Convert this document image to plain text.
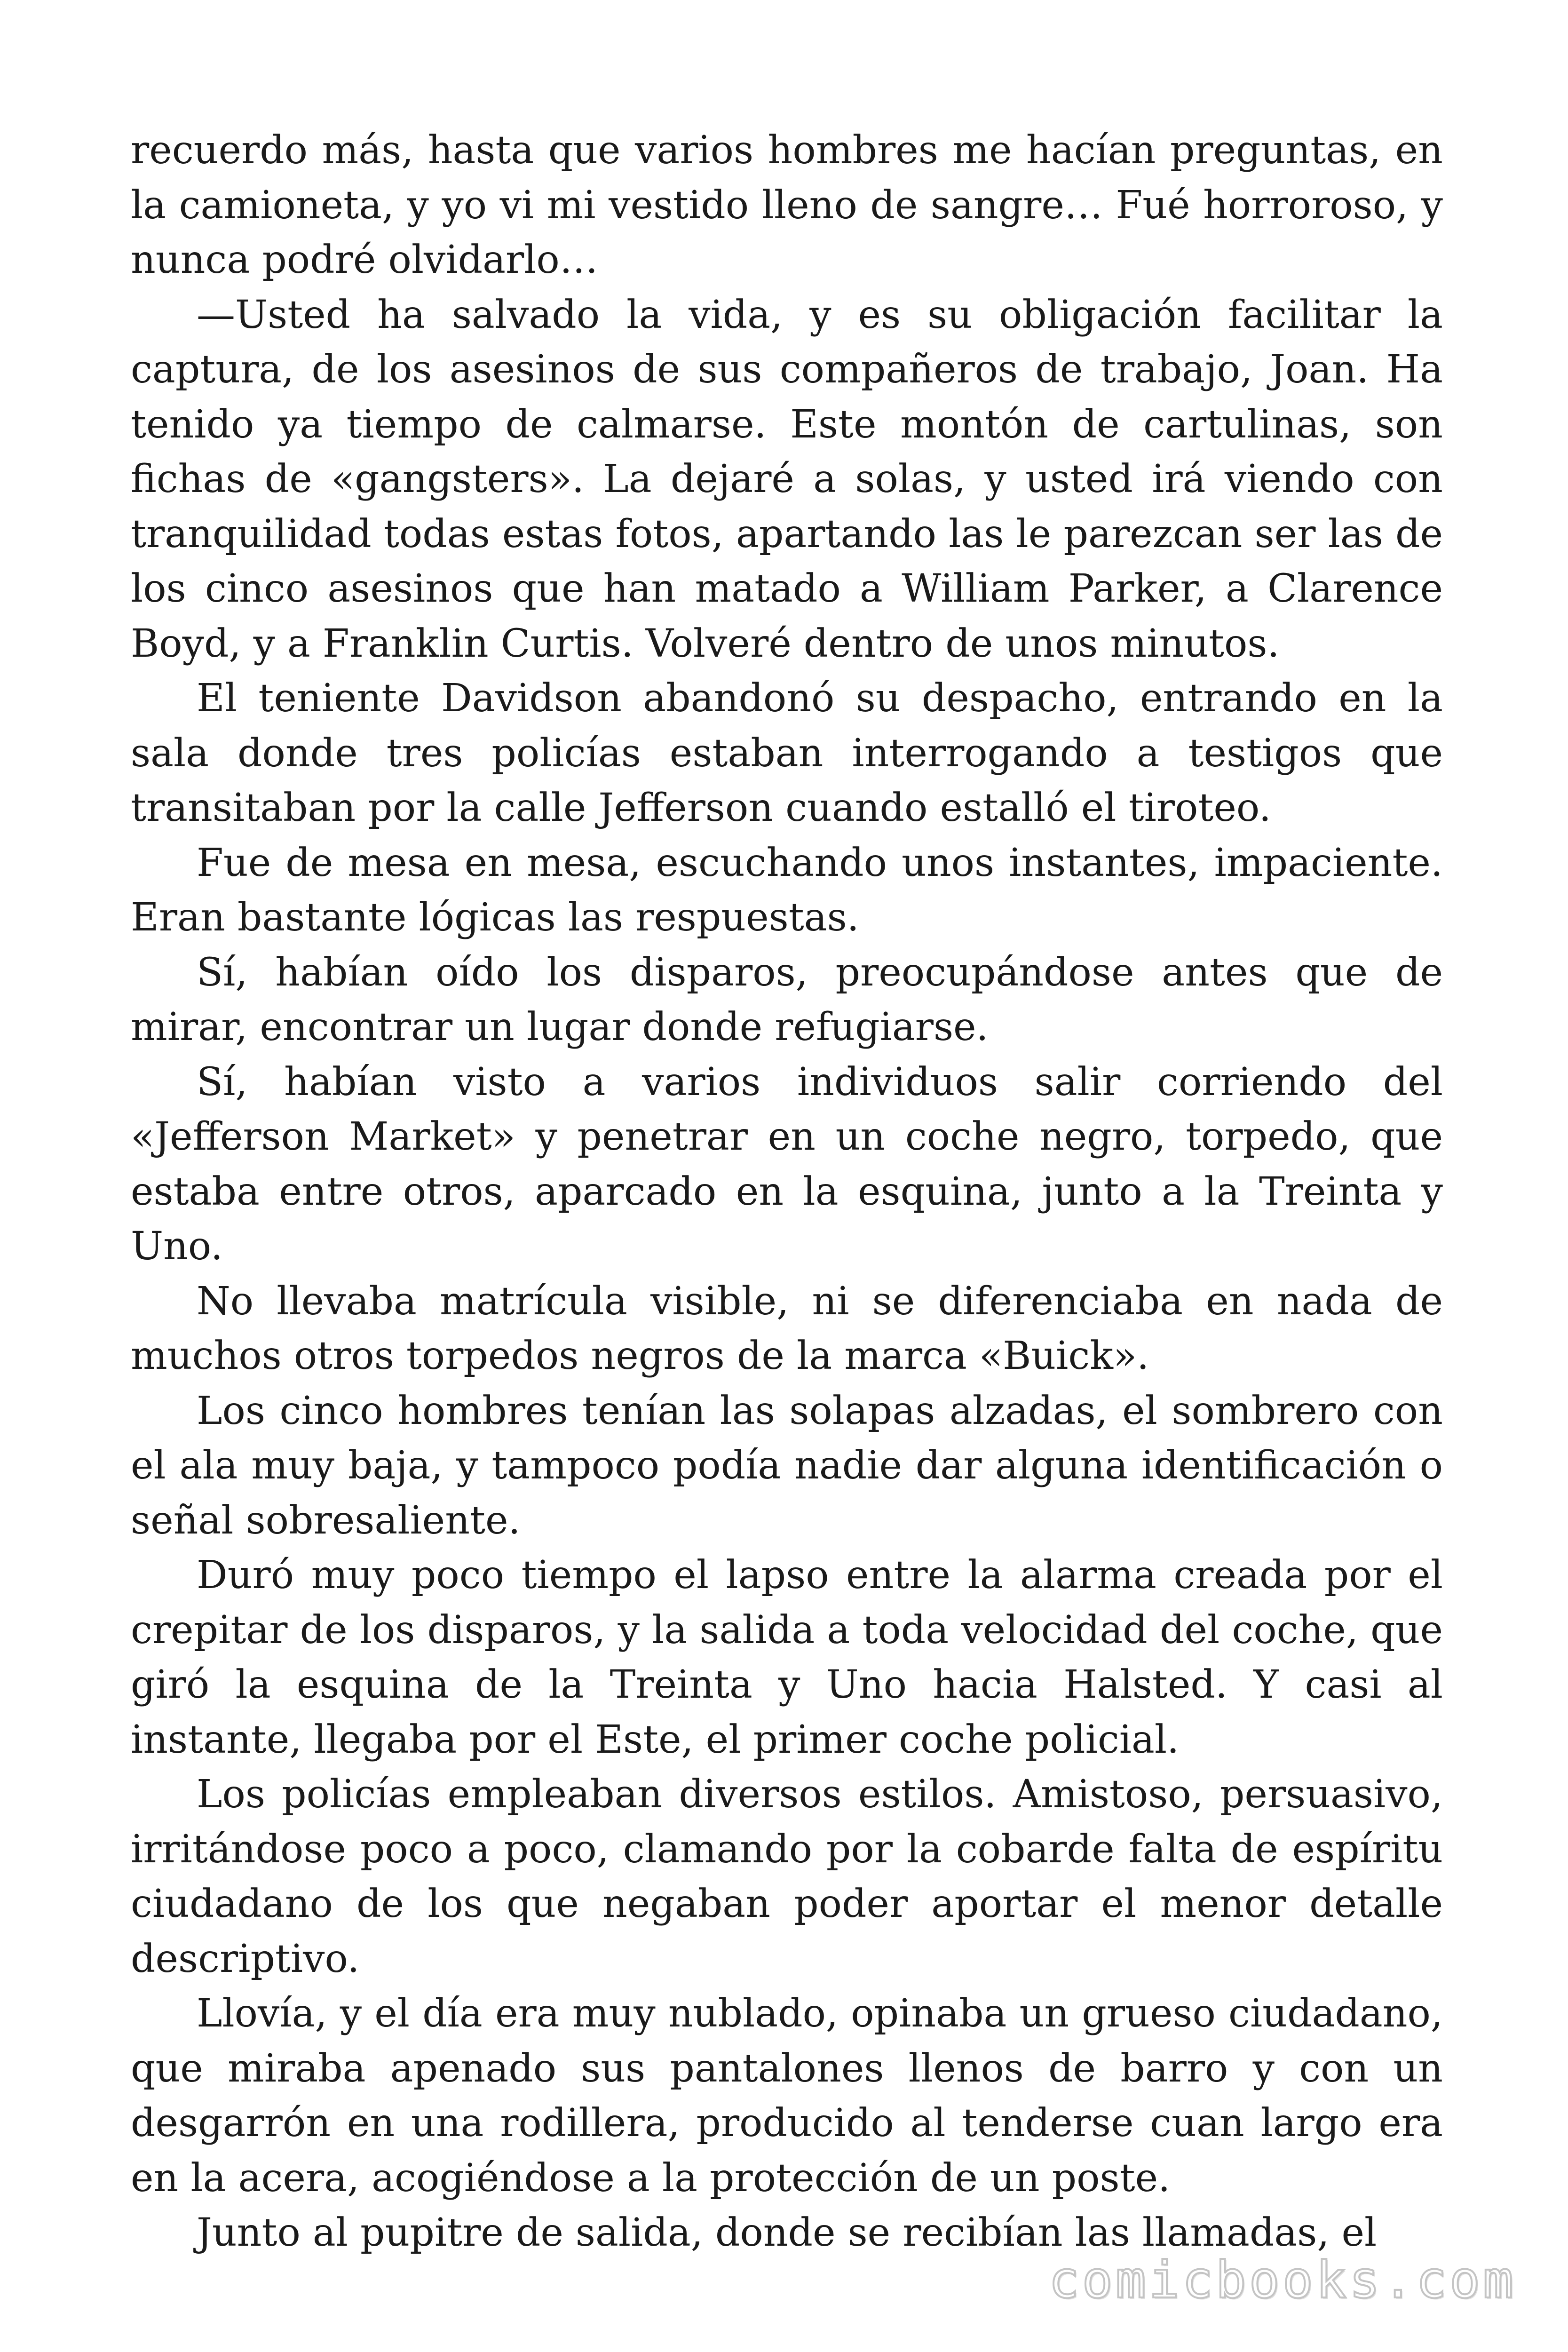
recuerdo más, hasta que varios hombres me hacían preguntas, en la camioneta, y yo vi mi vestido lleno de sangre… Fué horroroso, y nunca podré olvidarlo…

—Usted ha salvado la vida, y es su obligación facilitar la captura, de los asesinos de sus compañeros de trabajo, Joan. Ha tenido ya tiempo de calmarse. Este montón de cartulinas, son fichas de «gangsters». La dejaré a solas, y usted irá viendo con tranquilidad todas estas fotos, apartando las le parezcan ser las de los cinco asesinos que han matado a William Parker, a Clarence Boyd, y a Franklin Curtis. Volveré dentro de unos minutos.

El teniente Davidson abandonó su despacho, entrando en la sala donde tres policías estaban interrogando a testigos que transitaban por la calle Jefferson cuando estalló el tiroteo.

Fue de mesa en mesa, escuchando unos instantes, impaciente. Eran bastante lógicas las respuestas.

Sí, habían oído los disparos, preocupándose antes que de mirar, encontrar un lugar donde refugiarse.

Sí, habían visto a varios individuos salir corriendo del «Jefferson Market» y penetrar en un coche negro, torpedo, que estaba entre otros, aparcado en la esquina, junto a la Treinta y Uno.

No llevaba matrícula visible, ni se diferenciaba en nada de muchos otros torpedos negros de la marca «Buick».

Los cinco hombres tenían las solapas alzadas, el sombrero con el ala muy baja, y tampoco podía nadie dar alguna identificación o señal sobresaliente.

Duró muy poco tiempo el lapso entre la alarma creada por el crepitar de los disparos, y la salida a toda velocidad del coche, que giró la esquina de la Treinta y Uno hacia Halsted. Y casi al instante, llegaba por el Este, el primer coche policial.

Los policías empleaban diversos estilos. Amistoso, persuasivo, irritándose poco a poco, clamando por la cobarde falta de espíritu ciudadano de los que negaban poder aportar el menor detalle descriptivo.

Llovía, y el día era muy nublado, opinaba un grueso ciudadano, que miraba apenado sus pantalones llenos de barro y con un desgarrón en una rodillera, producido al tenderse cuan largo era en la acera, acogiéndose a la protección de un poste.

Junto al pupitre de salida, donde se recibían las llamadas, el

comicbooks.com
